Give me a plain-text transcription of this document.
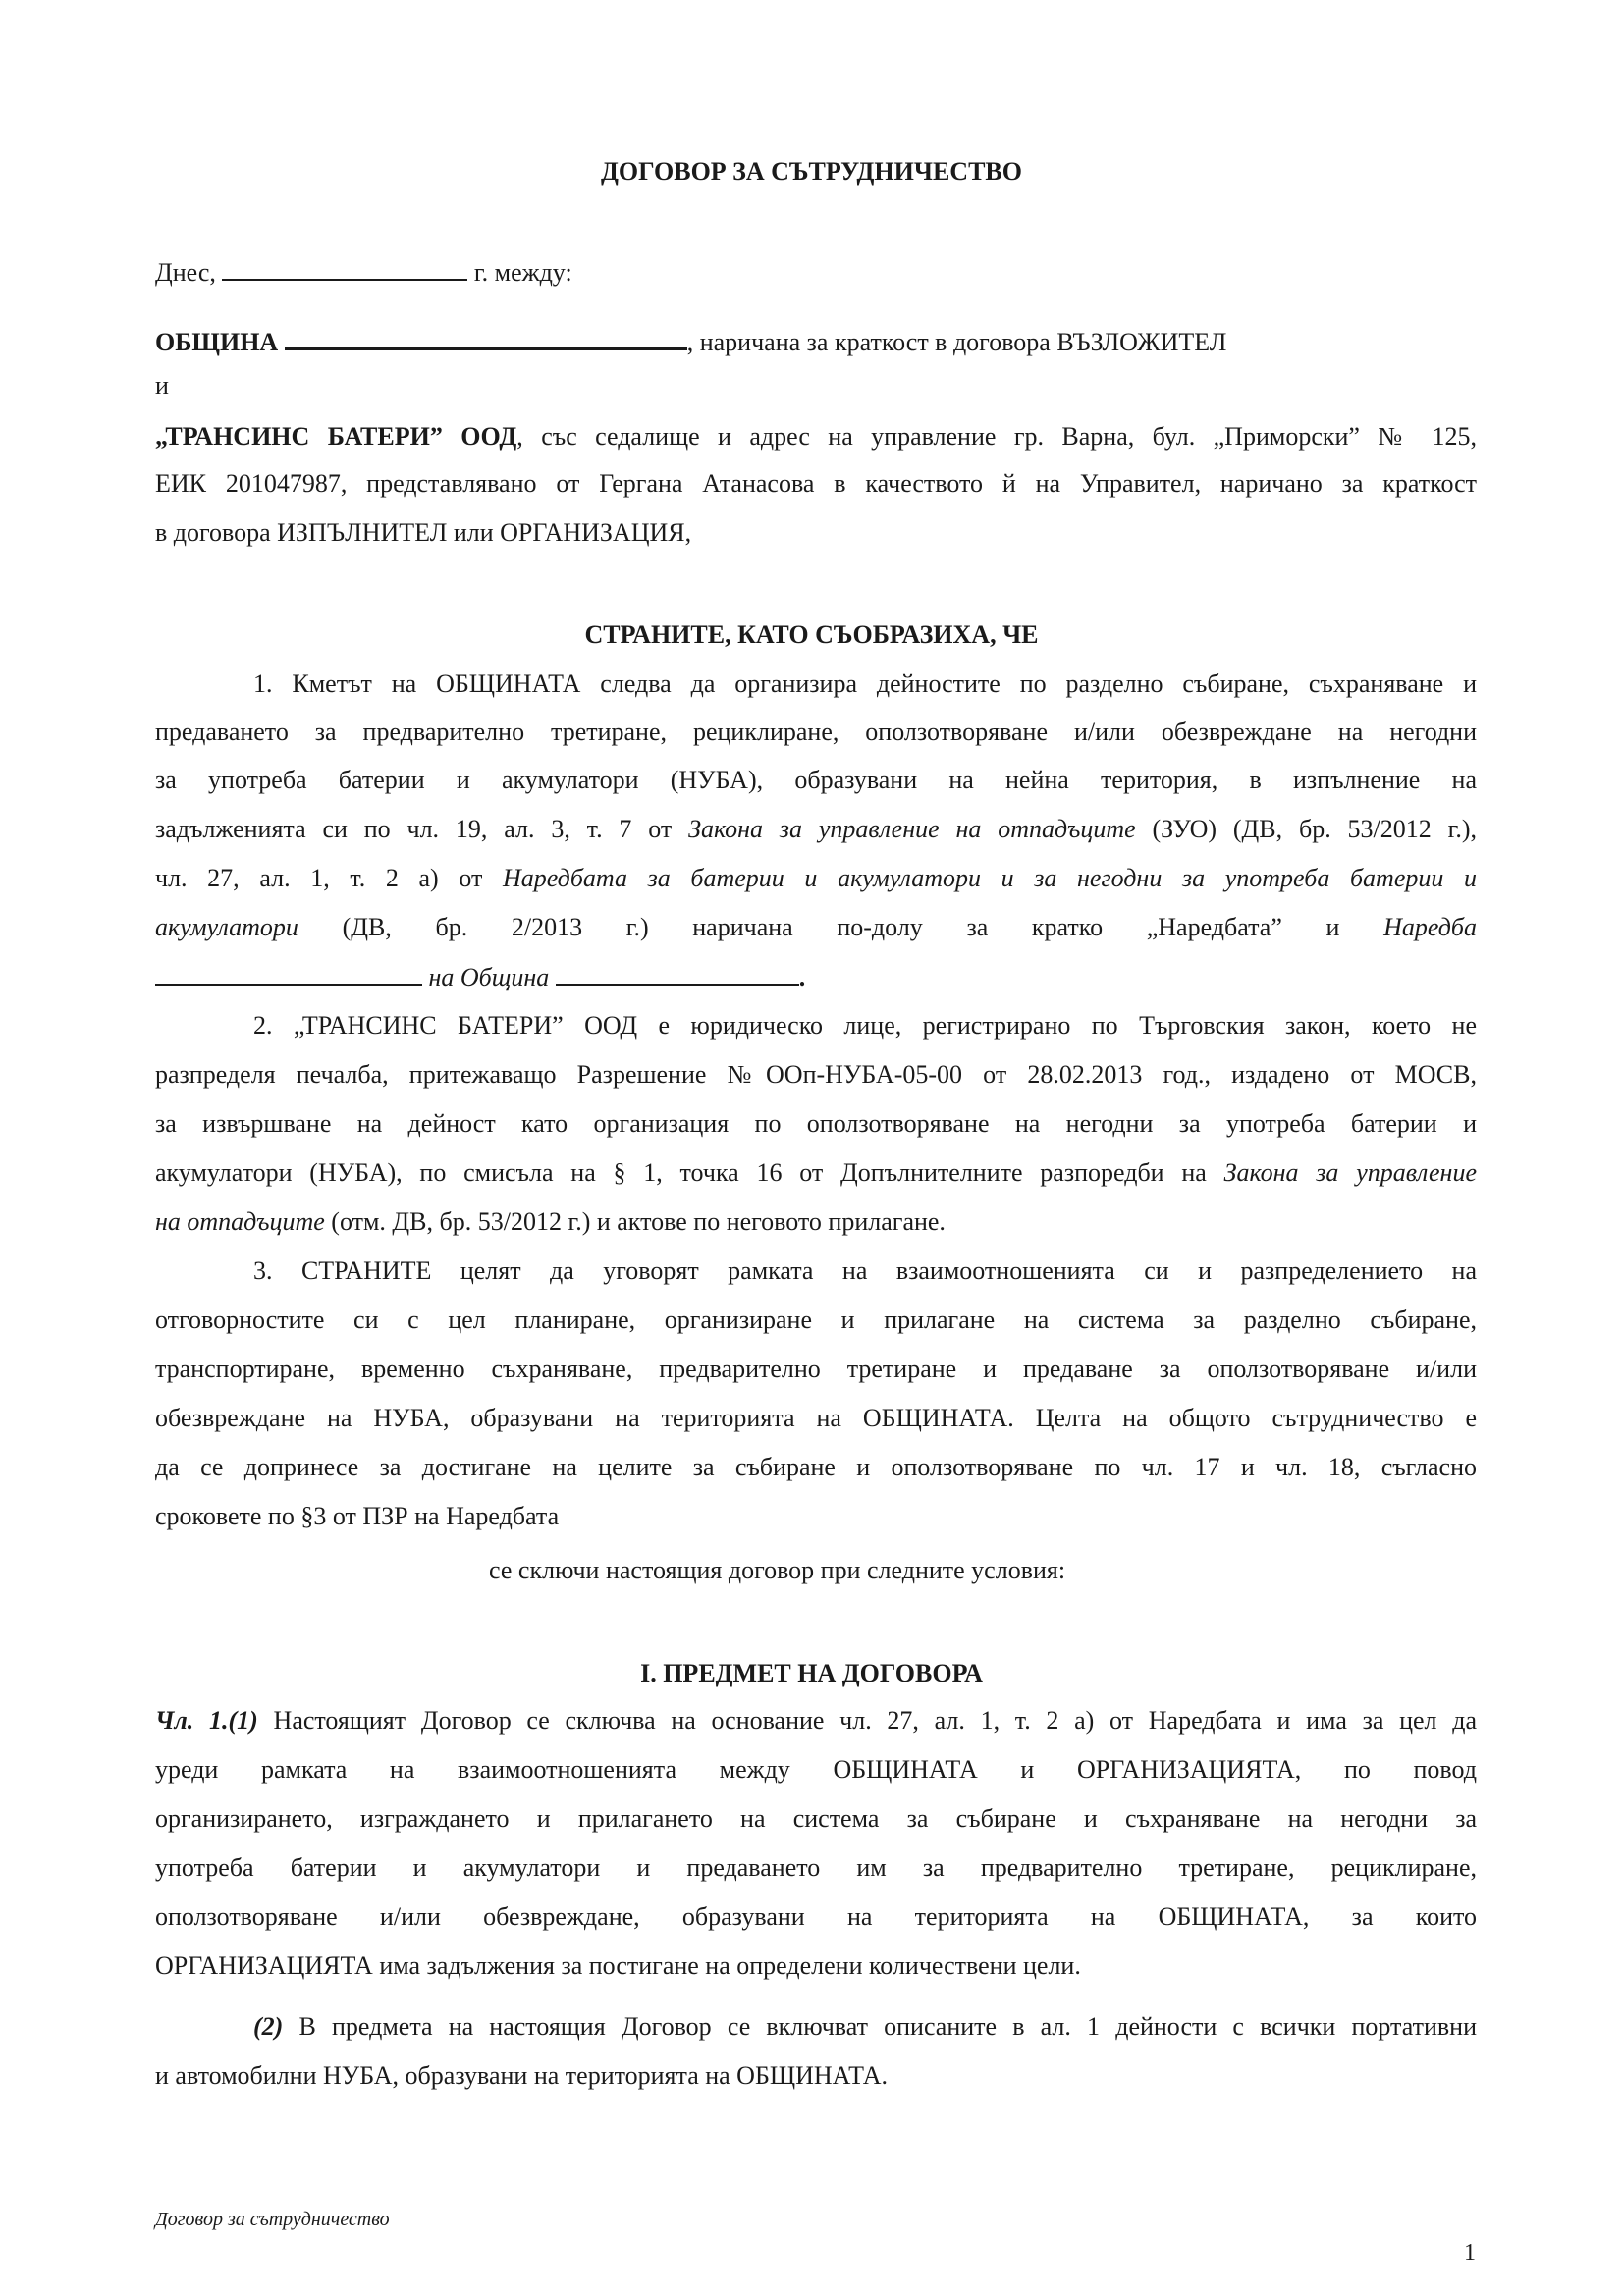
ДОГОВОР ЗА СЪТРУДНИЧЕСТВО
Днес,	г. между:
ОБЩИНА	, наричана за краткост в договора ВЪЗЛОЖИТЕЛ
и
„ТРАНСИНС БАТЕРИ” ООД, със седалище и адрес на управление гр. Варна, бул. „Приморски” № 125,
ЕИК 201047987, представлявано от Гергана Атанасова в качеството й на Управител, наричано за краткост
в договора ИЗПЪЛНИТЕЛ или ОРГАНИЗАЦИЯ,
СТРАНИТЕ, КАТО СЪОБРАЗИХА, ЧЕ
1. Кметът на ОБЩИНАТА следва да организира дейностите по разделно събиране, съхраняване и
предаването за предварително третиране, рециклиране, оползотворяване и/или обезвреждане на негодни
за употреба батерии и акумулатори (НУБА), образувани на нейна територия, в изпълнение на
задълженията си по чл. 19, ал. 3, т. 7 от Закона за управление на отпадъците (ЗУО) (ДВ, бр. 53/2012 г.),
чл. 27, ал. 1, т. 2 а) от Наредбата за батерии и акумулатори и за негодни за употреба батерии и
акумулатори (ДВ, бр. 2/2013 г.) наричана по-долу за кратко „Наредбата” и Наредба
на Община	.
2. „ТРАНСИНС БАТЕРИ” ООД е юридическо лице, регистрирано по Търговския закон, което не
разпределя печалба, притежаващо Разрешение №ООп-НУБА-05-00 от 28.02.2013 год., издадено от МОСВ,
за извършване на дейност като организация по оползотворяване на негодни за употреба батерии и
акумулатори (НУБА), по смисъла на § 1, точка 16 от Допълнителните разпоредби на Закона за управление
на отпадъците (отм. ДВ, бр. 53/2012 г.) и актове по неговото прилагане.
3. СТРАНИТЕ целят да уговорят рамката на взаимоотношенията си и разпределението на
отговорностите си с цел планиране, организиране и прилагане на система за разделно събиране,
транспортиране, временно съхраняване, предварително третиране и предаване за оползотворяване и/или
обезвреждане на НУБА, образувани на територията на ОБЩИНАТА. Целта на общото сътрудничество е
да се допринесе за достигане на целите за събиране и оползотворяване по чл. 17 и чл. 18, съгласно
сроковете по §3 от ПЗР на Наредбата
се сключи настоящия договор при следните условия:
I. ПРЕДМЕТ НА ДОГОВОРА
Чл. 1.(1) Настоящият Договор се сключва на основание чл. 27, ал. 1, т. 2 а) от Наредбата и има за цел да
уреди рамката на взаимоотношенията между ОБЩИНАТА и ОРГАНИЗАЦИЯТА, по повод
организирането, изграждането и прилагането на система за събиране и съхраняване на негодни за
употреба батерии и акумулатори и предаването им за предварително третиране, рециклиране,
оползотворяване и/или обезвреждане, образувани на територията на ОБЩИНАТА, за които
ОРГАНИЗАЦИЯТА има задължения за постигане на определени количествени цели.
(2) В предмета на настоящия Договор се включват описаните в ал. 1 дейности с всички портативни
и автомобилни НУБА, образувани на територията на ОБЩИНАТА.
Договор за сътрудничество
1
